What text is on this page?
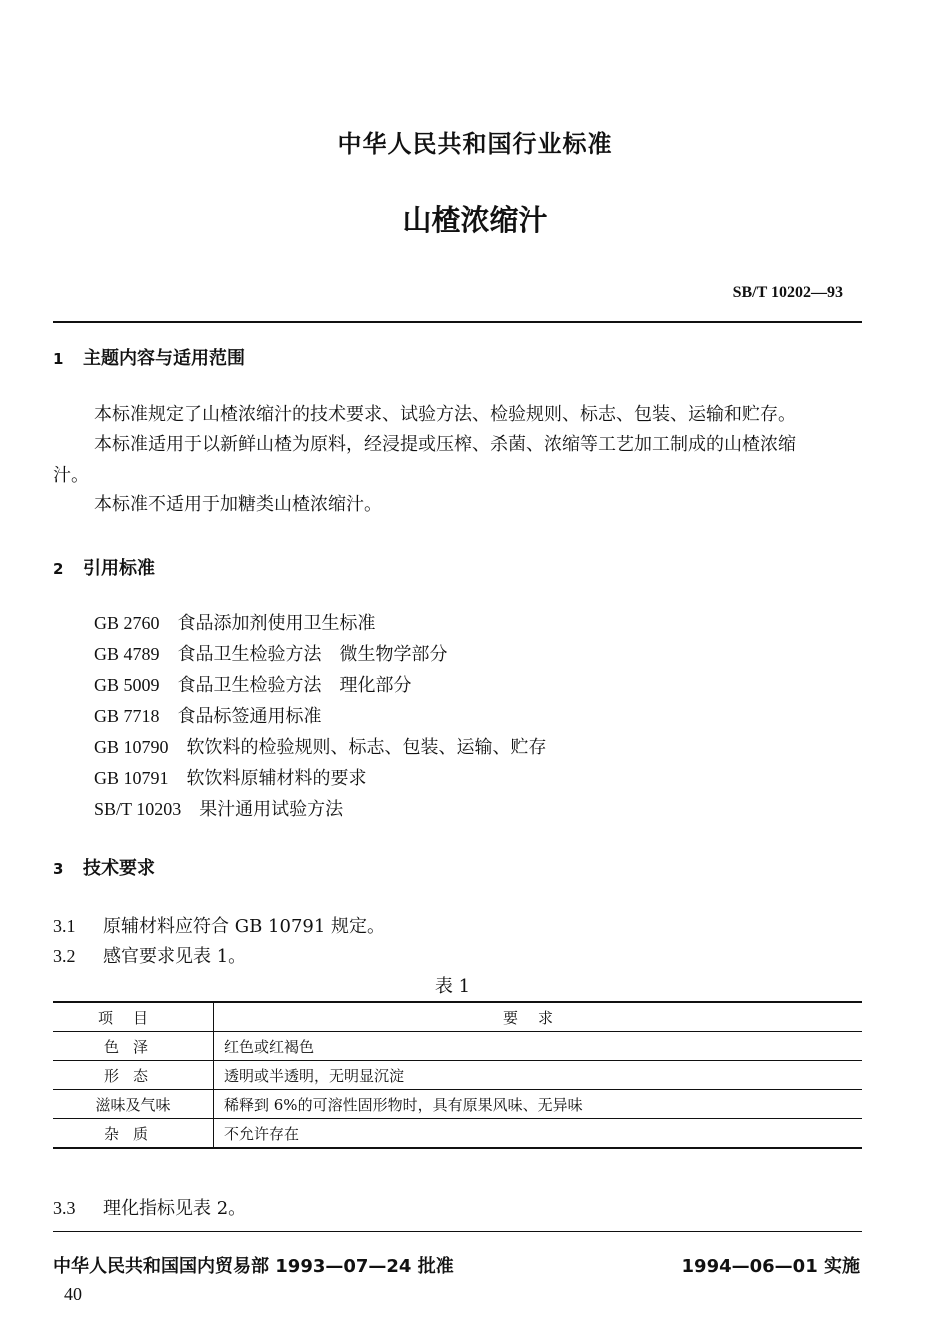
中华人民共和国行业标准
山楂浓缩汁
SB/T 10202—93
1 主题内容与适用范围
本标准规定了山楂浓缩汁的技术要求、试验方法、检验规则、标志、包装、运输和贮存。
本标准适用于以新鲜山楂为原料，经浸提或压榨、杀菌、浓缩等工艺加工制成的山楂浓缩
汁。
本标准不适用于加糖类山楂浓缩汁。
2 引用标准
GB 2760 食品添加剂使用卫生标准
GB 4789 食品卫生检验方法　微生物学部分
GB 5009 食品卫生检验方法　理化部分
GB 7718 食品标签通用标准
GB 10790 软饮料的检验规则、标志、包装、运输、贮存
GB 10791 软饮料原辅材料的要求
SB/T 10203 果汁通用试验方法
3 技术要求
3.1 原辅材料应符合 GB 10791 规定。
3.2 感官要求见表 1。
表 1
项目	要求
色泽	红色或红褐色
形态	透明或半透明，无明显沉淀
滋味及气味	稀释到 6%的可溶性固形物时，具有原果风味、无异味
杂质	不允许存在
3.3 理化指标见表 2。
中华人民共和国国内贸易部 1993—07—24 批准	1994—06—01 实施
40
